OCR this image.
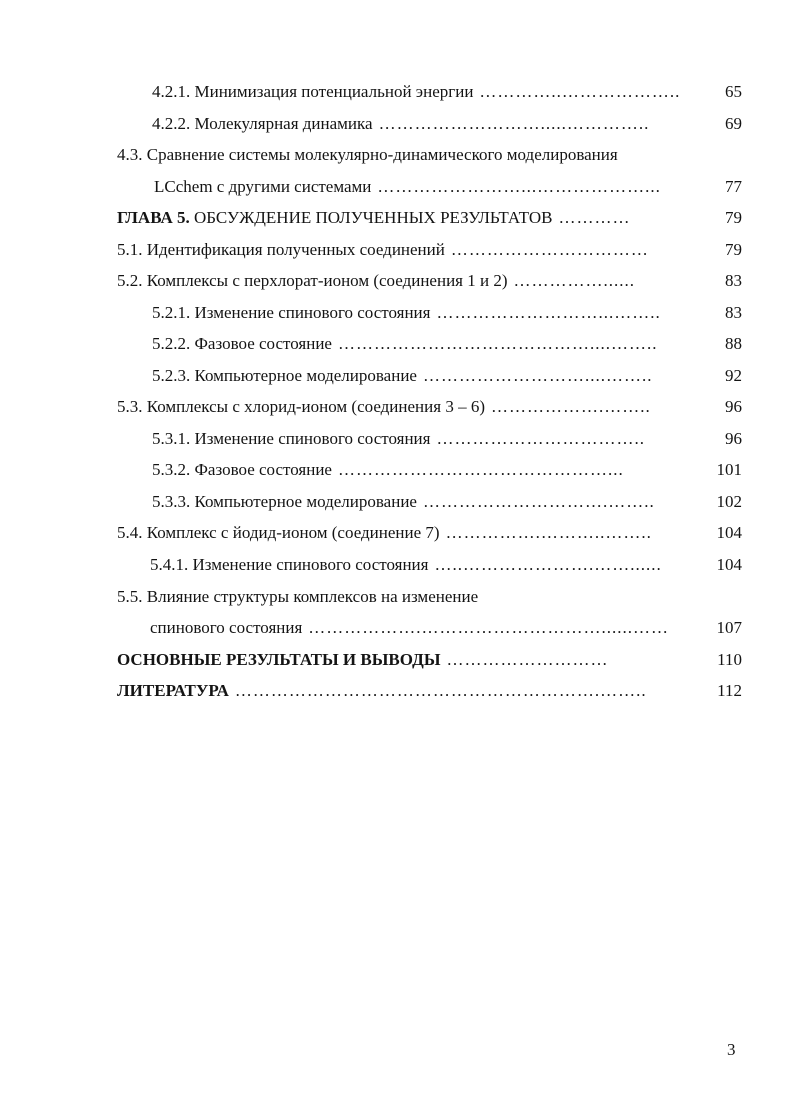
4.2.1. Минимизация потенциальной энергии …………..………………..	65
4.2.2. Молекулярная динамика ……………………….....…………..	69
4.3. Сравнение системы молекулярно-динамического моделирования
LCchem с другими системами ……………………...………………...	77
ГЛАВА 5. ОБСУЖДЕНИЕ ПОЛУЧЕННЫХ РЕЗУЛЬТАТОВ …………	79
5.1. Идентификация полученных соединений ……………………………	79
5.2. Комплексы с перхлорат-ионом (соединения 1 и 2) ……………......	83
5.2.1. Изменение спинового состояния ………………………...……..	83
5.2.2. Фазовое состояние ……………………………………....……..	88
5.2.3. Компьютерное моделирование ………………………....……..	92
5.3. Комплексы с хлорид-ионом (соединения 3 – 6) ……………….……..	96
5.3.1. Изменение спинового состояния ……………………………..	96
5.3.2. Фазовое состояние ………………………………………...	101
5.3.3. Компьютерное моделирование ………………………….……..	102
5.4. Комплекс с йодид-ионом (соединение 7) …………….………..……..	104
5.4.1. Изменение спинового состояния …..………………….……......	104
5.5. Влияние структуры комплексов на изменение
спинового состояния ……………….…………………………......……	107
ОСНОВНЫЕ РЕЗУЛЬТАТЫ И ВЫВОДЫ ………………………	110
ЛИТЕРАТУРА …………………………………………………….……..	112
3
